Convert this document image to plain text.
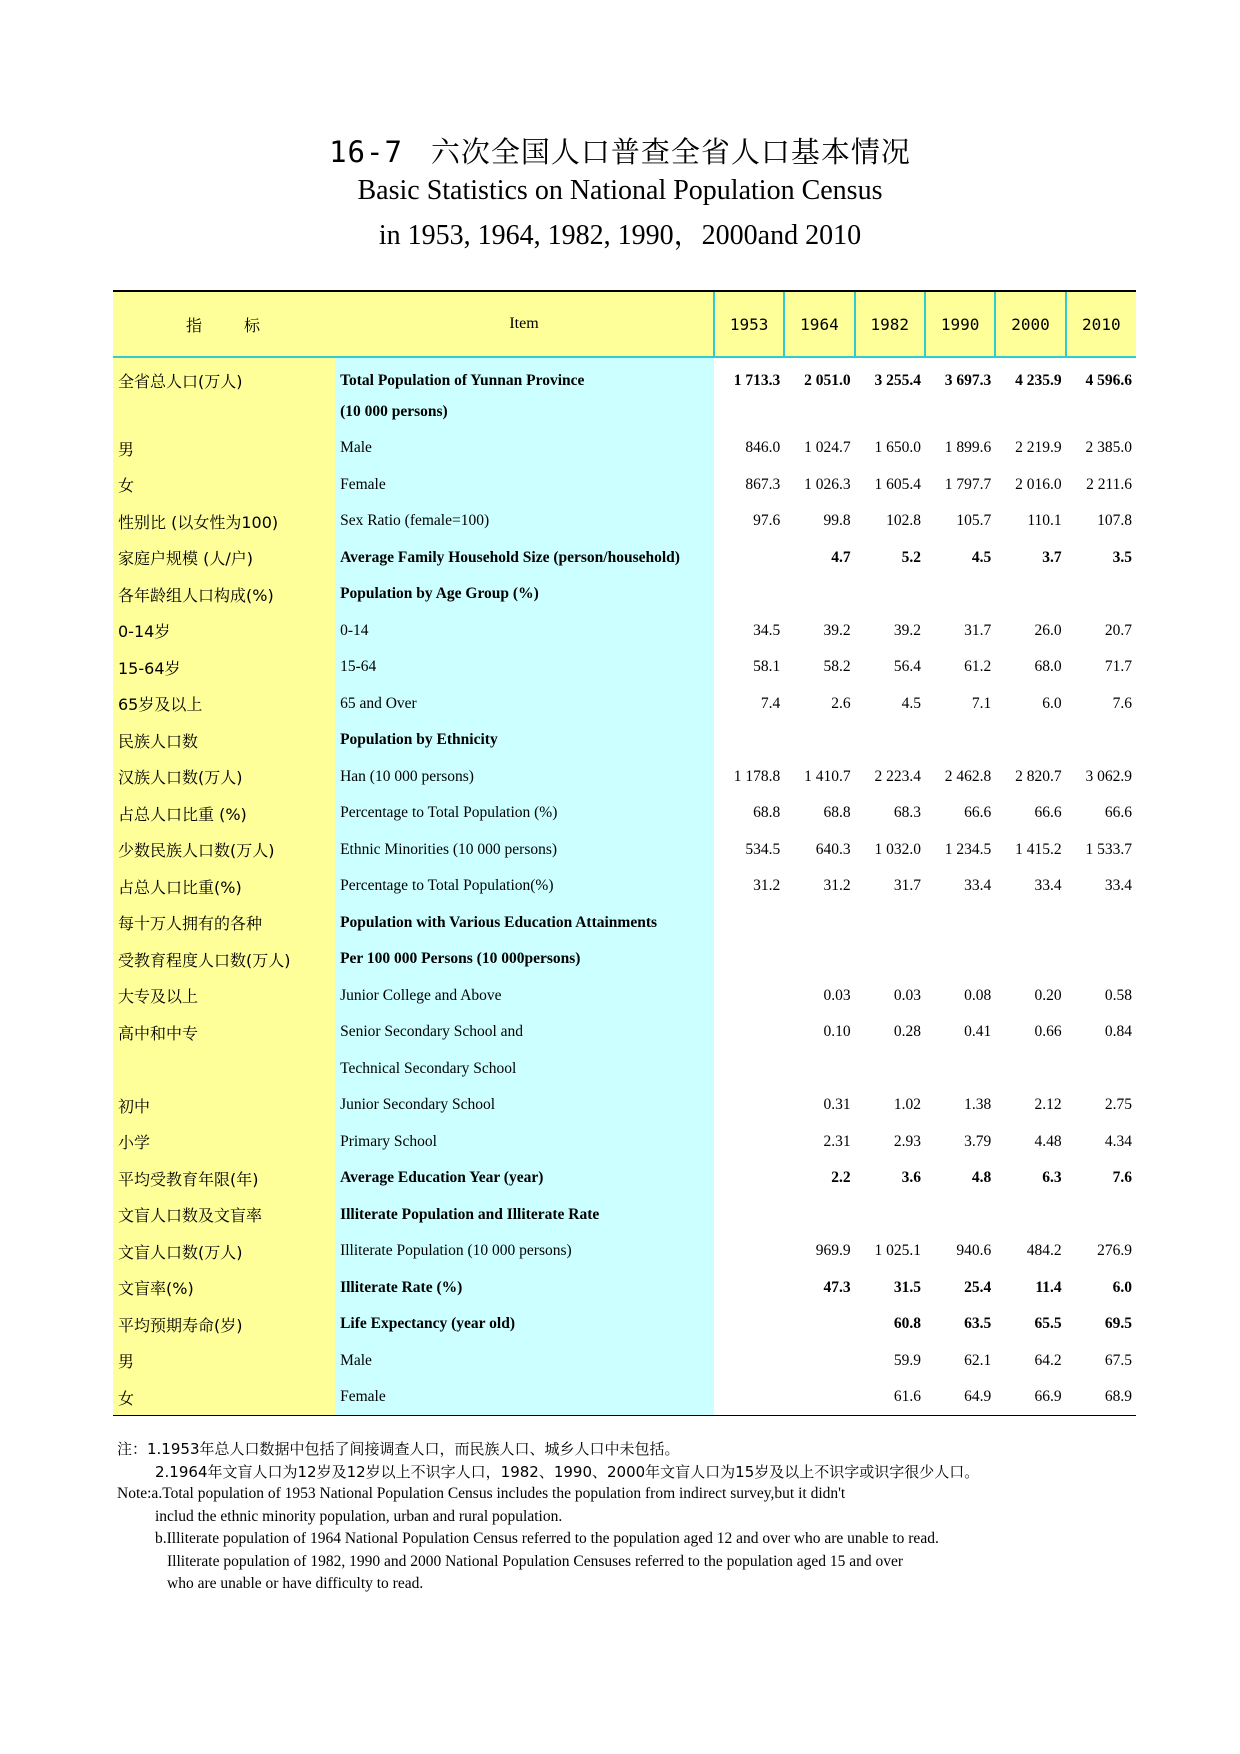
16-7 六次全国人口普查全省人口基本情况
Basic Statistics on National Population Census
in 1953, 1964, 1982, 1990，2000and 2010
指 标	Item	1953	1964	1982	1990	2000	2010
全省总人口(万人)	Total Population of Yunnan Province	1 713.3	2 051.0	3 255.4	3 697.3	4 235.9	4 596.6
	(10 000 persons)						
男	Male	846.0	1 024.7	1 650.0	1 899.6	2 219.9	2 385.0
女	Female	867.3	1 026.3	1 605.4	1 797.7	2 016.0	2 211.6
性别比 (以女性为100)	Sex Ratio (female=100)	97.6	99.8	102.8	105.7	110.1	107.8
家庭户规模 (人/户)	Average Family Household Size (person/household)		4.7	5.2	4.5	3.7	3.5
各年龄组人口构成(%)	Population by Age Group (%)						
0-14岁	0-14	34.5	39.2	39.2	31.7	26.0	20.7
15-64岁	15-64	58.1	58.2	56.4	61.2	68.0	71.7
65岁及以上	65 and Over	7.4	2.6	4.5	7.1	6.0	7.6
民族人口数	Population by Ethnicity						
汉族人口数(万人)	Han (10 000 persons)	1 178.8	1 410.7	2 223.4	2 462.8	2 820.7	3 062.9
占总人口比重 (%)	Percentage to Total Population (%)	68.8	68.8	68.3	66.6	66.6	66.6
少数民族人口数(万人)	Ethnic Minorities (10 000 persons)	534.5	640.3	1 032.0	1 234.5	1 415.2	1 533.7
占总人口比重(%)	Percentage to Total Population(%)	31.2	31.2	31.7	33.4	33.4	33.4
每十万人拥有的各种	Population with Various Education Attainments						
受教育程度人口数(万人)	Per 100 000 Persons (10 000persons)						
大专及以上	Junior College and Above		0.03	0.03	0.08	0.20	0.58
高中和中专	Senior Secondary School and		0.10	0.28	0.41	0.66	0.84
	Technical Secondary School						
初中	Junior Secondary School		0.31	1.02	1.38	2.12	2.75
小学	Primary School		2.31	2.93	3.79	4.48	4.34
平均受教育年限(年)	Average Education Year (year)		2.2	3.6	4.8	6.3	7.6
文盲人口数及文盲率	Illiterate Population and Illiterate Rate						
文盲人口数(万人)	Illiterate Population (10 000 persons)		969.9	1 025.1	940.6	484.2	276.9
文盲率(%)	Illiterate Rate (%)		47.3	31.5	25.4	11.4	6.0
平均预期寿命(岁)	Life Expectancy (year old)			60.8	63.5	65.5	69.5
男	Male			59.9	62.1	64.2	67.5
女	Female			61.6	64.9	66.9	68.9
注：1.1953年总人口数据中包括了间接调查人口，而民族人口、城乡人口中未包括。
2.1964年文盲人口为12岁及12岁以上不识字人口，1982、1990、2000年文盲人口为15岁及以上不识字或识字很少人口。
Note:a.Total population of 1953 National Population Census includes the population from indirect survey,but it didn't
includ the ethnic minority population, urban and rural population.
b.Illiterate population of 1964 National Population Census referred to the population aged 12 and over who are unable to read.
Illiterate population of 1982, 1990 and 2000 National Population Censuses referred to the population aged 15 and over
who are unable or have difficulty to read.
